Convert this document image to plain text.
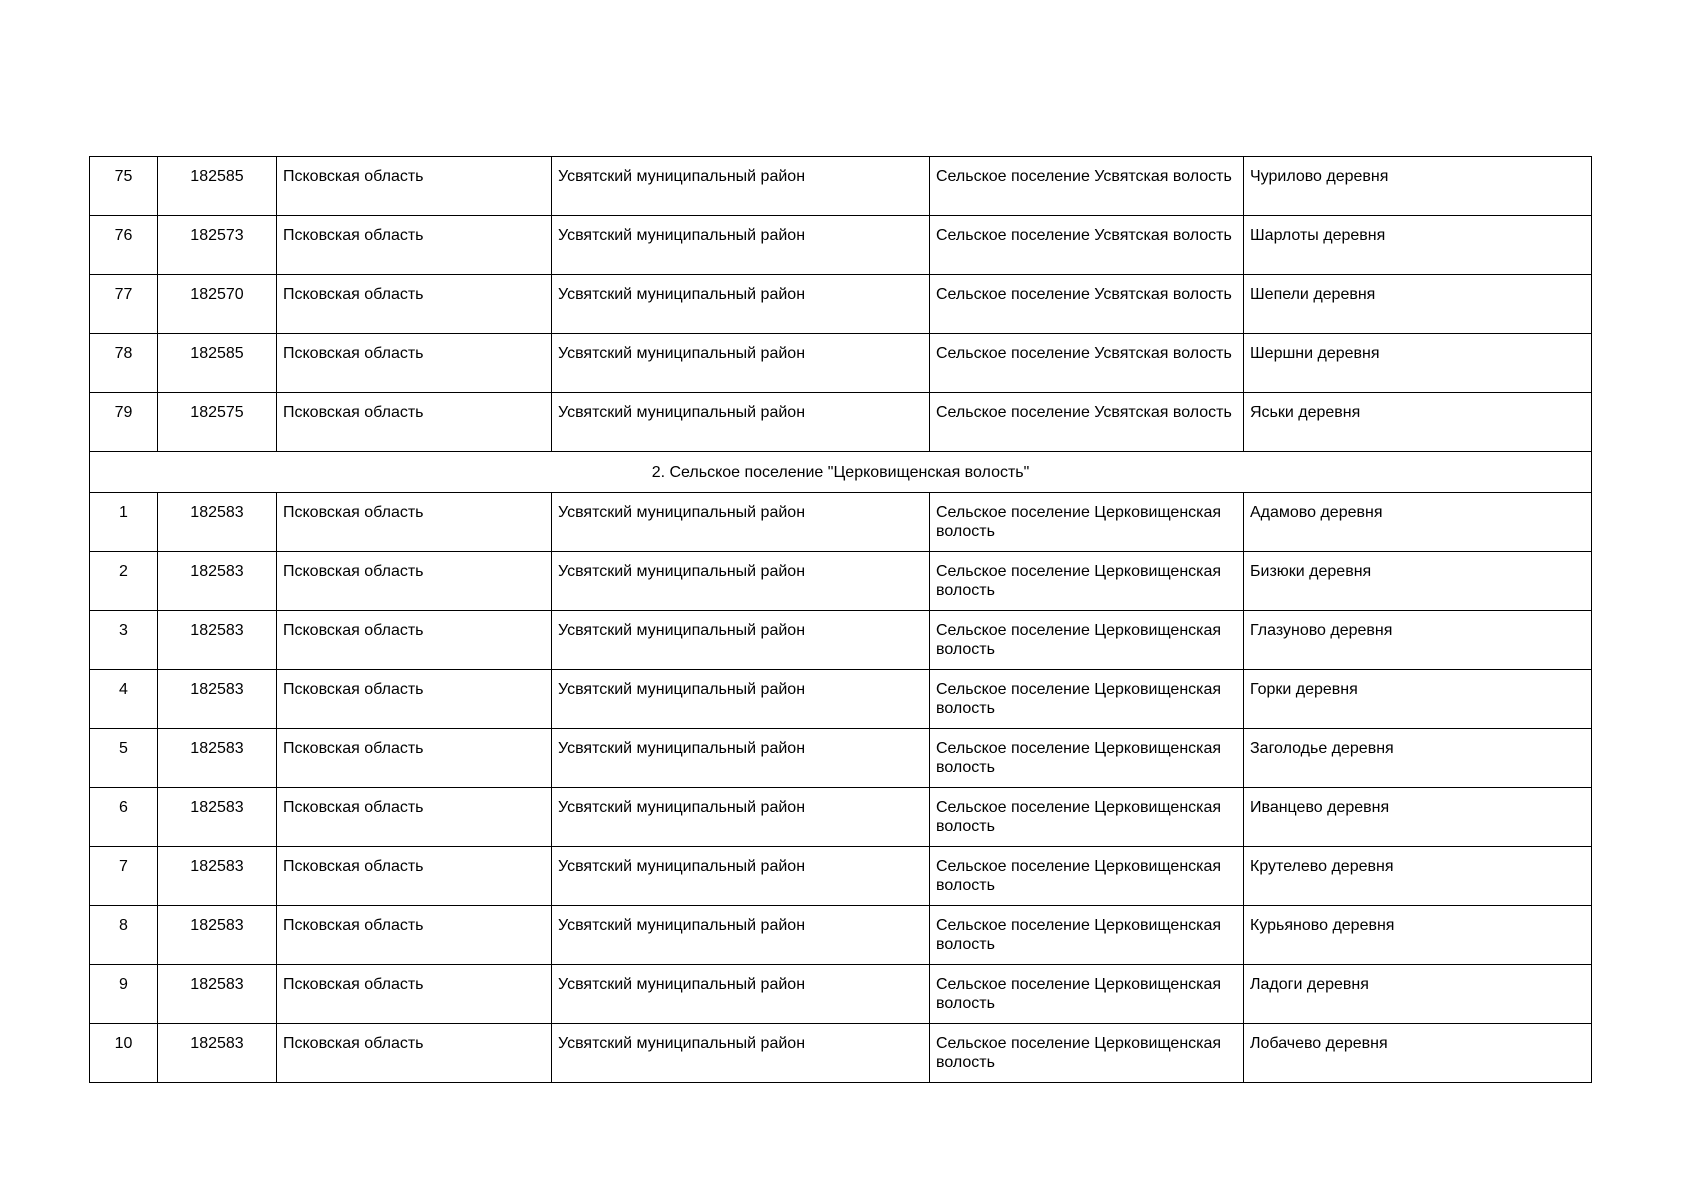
75	182585	Псковская область	Усвятский муниципальный район	Сельское поселение Усвятская волость	Чурилово деревня
76	182573	Псковская область	Усвятский муниципальный район	Сельское поселение Усвятская волость	Шарлоты деревня
77	182570	Псковская область	Усвятский муниципальный район	Сельское поселение Усвятская волость	Шепели деревня
78	182585	Псковская область	Усвятский муниципальный район	Сельское поселение Усвятская волость	Шершни деревня
79	182575	Псковская область	Усвятский муниципальный район	Сельское поселение Усвятская волость	Яськи деревня
2. Сельское поселение "Церковищенская волость"					
1	182583	Псковская область	Усвятский муниципальный район	Сельское поселение Церковищенская волость	Адамово деревня
2	182583	Псковская область	Усвятский муниципальный район	Сельское поселение Церковищенская волость	Бизюки деревня
3	182583	Псковская область	Усвятский муниципальный район	Сельское поселение Церковищенская волость	Глазуново деревня
4	182583	Псковская область	Усвятский муниципальный район	Сельское поселение Церковищенская волость	Горки деревня
5	182583	Псковская область	Усвятский муниципальный район	Сельское поселение Церковищенская волость	Заголодье деревня
6	182583	Псковская область	Усвятский муниципальный район	Сельское поселение Церковищенская волость	Иванцево деревня
7	182583	Псковская область	Усвятский муниципальный район	Сельское поселение Церковищенская волость	Крутелево деревня
8	182583	Псковская область	Усвятский муниципальный район	Сельское поселение Церковищенская волость	Курьяново деревня
9	182583	Псковская область	Усвятский муниципальный район	Сельское поселение Церковищенская волость	Ладоги деревня
10	182583	Псковская область	Усвятский муниципальный район	Сельское поселение Церковищенская волость	Лобачево деревня
